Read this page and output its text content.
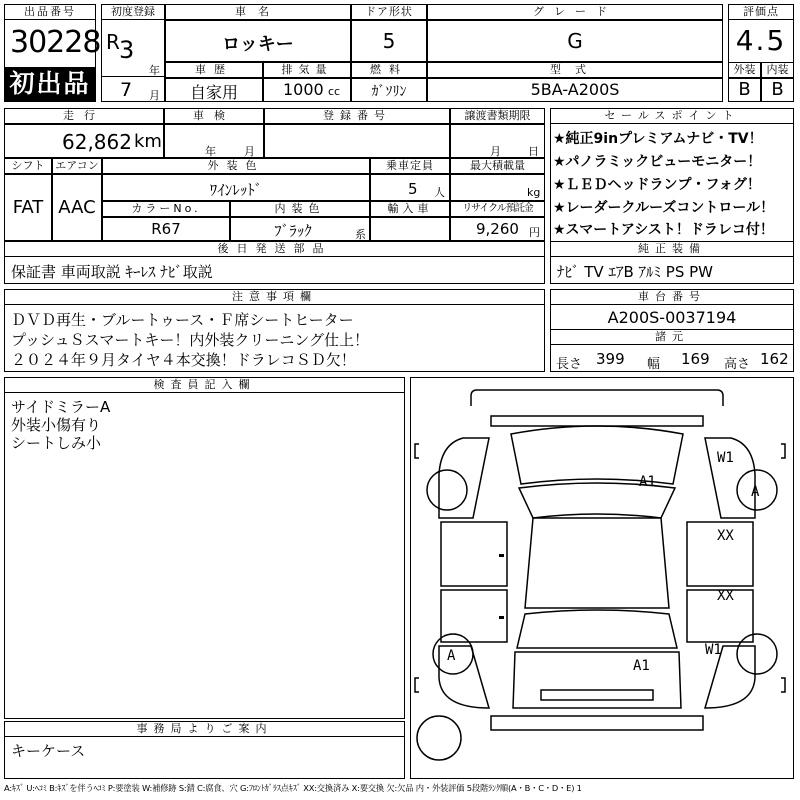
出品番号
30228
初出品
初度登録
R 3
年
7 月
車名	ドア形状	グレード
ロッキー	5	G
車歴	排気量	燃料	型式
自家用	1000 cc	ｶﾞｿﾘﾝ	5BA-A200S
評価点
4.5
外装	内装
B	B
走行	車検	登録番号	譲渡書類期限
62,862 km	年	月	月 日
シフト エアコン	外装色	乗車定員	最大積載量
FAT AAC
ﾜｲﾝﾚｯﾄﾞ	5 人	kg
カラーNo.	内装色	輸入車	リサイクル預託金
R67	ﾌﾞﾗｯｸ	系	9,260 円
後日発送部品
保証書 車両取説 ｷｰﾚｽ ﾅﾋﾞ取説
セールスポイント
★純正9inプレミアムナビ・TV！
★パノラミックビューモニター！
★ＬＥＤヘッドランプ・フォグ！
★レーダークルーズコントロール！
★スマートアシスト！ドラレコ付！
純正装備
ﾅﾋﾞ TV ｴｱB ｱﾙﾐ PS PW
注意事項欄
ＤＶＤ再生・ブルートゥース・Ｆ席シートヒーター
プッシュＳスマートキー！内外装クリーニング仕上！
２０２４年９月タイヤ４本交換！ドラレコＳＤ欠！
車台番号
A200S-0037194
諸元
長さ 399 幅 169 高さ 162
検査員記入欄
サイドミラーA
外装小傷有り
シートしみ小
事務局よりご案内
キーケース
A1
A1
A
A
W1
XX
XX
W1
A:ｷｽﾞ U:ﾍｺﾐ B:ｷｽﾞを伴うﾍｺﾐ P:要塗装 W:補修跡 S:錆 C:腐食、穴 G:ﾌﾛﾝﾄｶﾞﾗｽ点ｷｽﾞ XX:交換済み X:要交換 欠:欠品 内・外装評価 5段階ﾗﾝｸ順(A・B・C・D・E) 1
